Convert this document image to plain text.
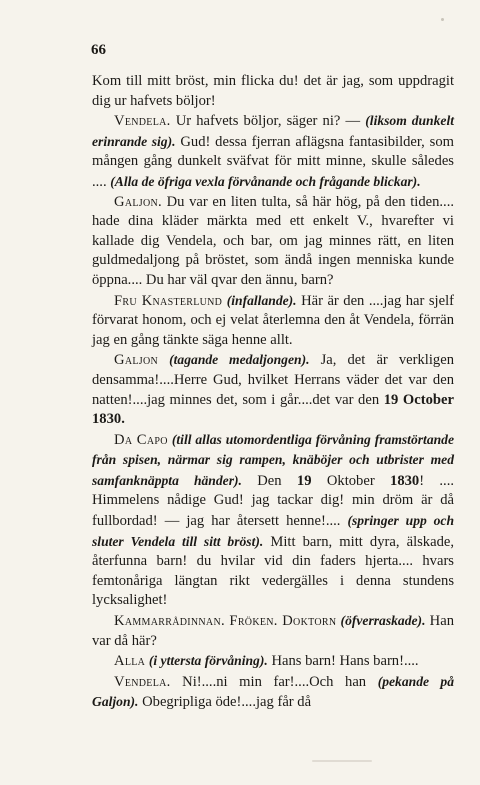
66

Kom till mitt bröst, min flicka du! det är jag, som uppdragit dig ur hafvets böljor!

Vendela. Ur hafvets böljor, säger ni? — (liksom dunkelt erinrande sig). Gud! dessa fjerran aflägsna fantasibilder, som mången gång dunkelt sväfvat för mitt minne, skulle således .... (Alla de öfriga vexla förvånande och frågande blickar).

Galjon. Du var en liten tulta, så här hög, på den tiden.... hade dina kläder märkta med ett enkelt V., hvarefter vi kallade dig Vendela, och bar, om jag minnes rätt, en liten guldmedaljong på bröstet, som ändå ingen menniska kunde öppna.... Du har väl qvar den ännu, barn?

Fru Knasterlund (infallande). Här är den ....jag har sjelf förvarat honom, och ej velat återlemna den åt Vendela, förrän jag en gång tänkte säga henne allt.

Galjon (tagande medaljongen). Ja, det är verkligen densamma!....Herre Gud, hvilket Herrans väder det var den natten!....jag minnes det, som i går....det var den 19 October 1830.

Da Capo (till allas utomordentliga förvåning framstörtande från spisen, närmar sig rampen, knäböjer och utbrister med samfanknäppta händer). Den 19 Oktober 1830! .... Himmelens nådige Gud! jag tackar dig! min dröm är då fullbordad! — jag har återsett henne!.... (springer upp och sluter Vendela till sitt bröst). Mitt barn, mitt dyra, älskade, återfunna barn! du hvilar vid din faders hjerta.... hvars femtonåriga längtan rikt vedergälles i denna stundens lycksalighet!

Kammarrådinnan. Fröken. Doktorn (öfverraskade). Han var då här?

Alla (i yttersta förvåning). Hans barn! Hans barn!....

Vendela. Ni!....ni min far!....Och han (pekande på Galjon). Obegripliga öde!....jag får då
